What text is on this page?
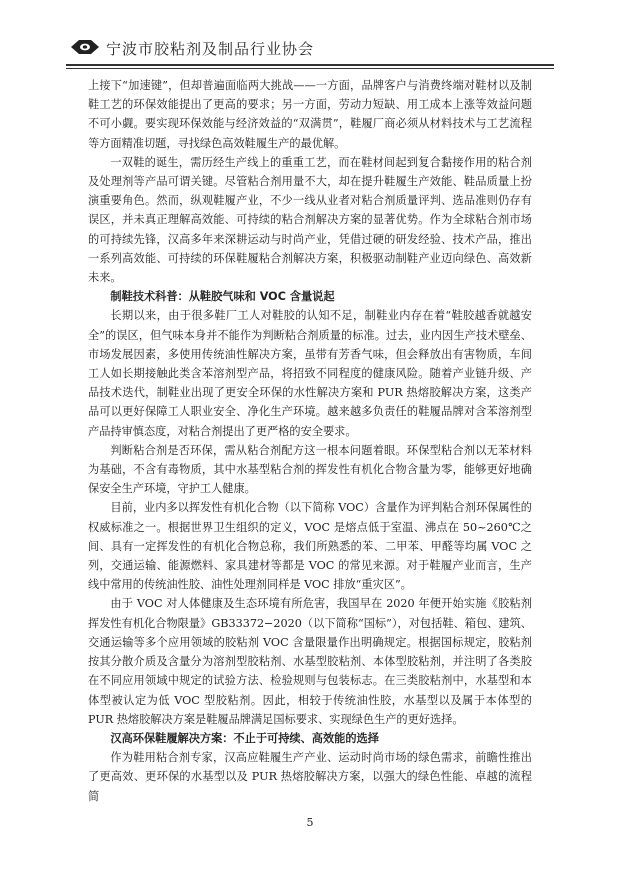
宁波市胶粘剂及制品行业协会

上接下“加速键”，但却普遍面临两大挑战——一方面，品牌客户与消费终端对鞋材以及制鞋工艺的环保效能提出了更高的要求；另一方面，劳动力短缺、用工成本上涨等效益问题不可小觑。要实现环保效能与经济效益的“双满贯”，鞋履厂商必须从材料技术与工艺流程等方面精准切题，寻找绿色高效鞋履生产的最优解。

一双鞋的诞生，需历经生产线上的重重工艺，而在鞋材间起到复合黏接作用的粘合剂及处理剂等产品可谓关键。尽管粘合剂用量不大，却在提升鞋履生产效能、鞋品质量上扮演重要角色。然而，纵观鞋履产业，不少一线从业者对粘合剂质量评判、选品准则仍存有误区，并未真正理解高效能、可持续的粘合剂解决方案的显著优势。作为全球粘合剂市场的可持续先锋，汉高多年来深耕运动与时尚产业，凭借过硬的研发经验、技术产品，推出一系列高效能、可持续的环保鞋履粘合剂解决方案，积极驱动制鞋产业迈向绿色、高效新未来。

制鞋技术科普：从鞋胶气味和 VOC 含量说起

长期以来，由于很多鞋厂工人对鞋胶的认知不足，制鞋业内存在着“鞋胶越香就越安全”的误区，但气味本身并不能作为判断粘合剂质量的标准。过去，业内因生产技术壁垒、市场发展因素，多使用传统油性解决方案，虽带有芳香气味，但会释放出有害物质，车间工人如长期接触此类含苯溶剂型产品，将招致不同程度的健康风险。随着产业链升级、产品技术迭代，制鞋业出现了更安全环保的水性解决方案和 PUR 热熔胶解决方案，这类产品可以更好保障工人职业安全、净化生产环境。越来越多负责任的鞋履品牌对含苯溶剂型产品持审慎态度，对粘合剂提出了更严格的安全要求。

判断粘合剂是否环保，需从粘合剂配方这一根本问题着眼。环保型粘合剂以无苯材料为基础，不含有毒物质，其中水基型粘合剂的挥发性有机化合物含量为零，能够更好地确保安全生产环境，守护工人健康。

目前，业内多以挥发性有机化合物（以下简称 VOC）含量作为评判粘合剂环保属性的权威标准之一。根据世界卫生组织的定义，VOC 是熔点低于室温、沸点在 50~260℃之间、具有一定挥发性的有机化合物总称，我们所熟悉的苯、二甲苯、甲醛等均属 VOC 之列，交通运输、能源燃料、家具建材等都是 VOC 的常见来源。对于鞋履产业而言，生产线中常用的传统油性胶、油性处理剂同样是 VOC 排放“重灾区”。

由于 VOC 对人体健康及生态环境有所危害，我国早在 2020 年便开始实施《胶粘剂挥发性有机化合物限量》GB33372−2020（以下简称“国标”），对包括鞋、箱包、建筑、交通运输等多个应用领域的胶粘剂 VOC 含量限量作出明确规定。根据国标规定，胶粘剂按其分散介质及含量分为溶剂型胶粘剂、水基型胶粘剂、本体型胶粘剂，并注明了各类胶在不同应用领域中规定的试验方法、检验规则与包装标志。在三类胶粘剂中，水基型和本体型被认定为低 VOC 型胶粘剂。因此，相较于传统油性胶，水基型以及属于本体型的 PUR 热熔胶解决方案是鞋履品牌满足国标要求、实现绿色生产的更好选择。

汉高环保鞋履解决方案：不止于可持续、高效能的选择

作为鞋用粘合剂专家，汉高应鞋履生产产业、运动时尚市场的绿色需求，前瞻性推出了更高效、更环保的水基型以及 PUR 热熔胶解决方案，以强大的绿色性能、卓越的流程简

5
